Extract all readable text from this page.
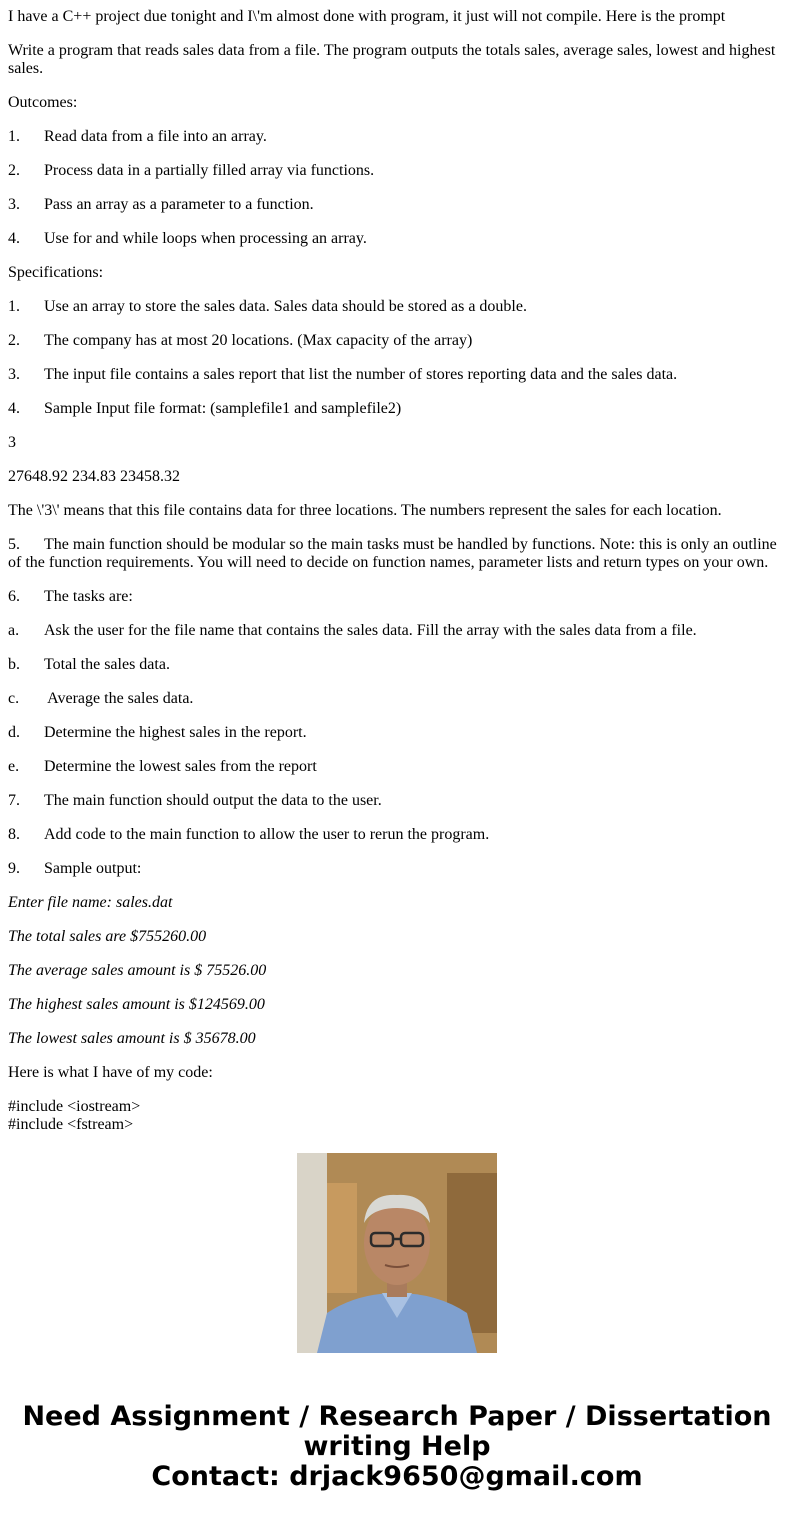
I have a C++ project due tonight and I\'m almost done with program, it just will not compile. Here is the prompt

Write a program that reads sales data from a file. The program outputs the totals sales, average sales, lowest and highest sales.

Outcomes:

1. Read data from a file into an array.

2. Process data in a partially filled array via functions.

3. Pass an array as a parameter to a function.

4. Use for and while loops when processing an array.

Specifications:

1. Use an array to store the sales data. Sales data should be stored as a double.

2. The company has at most 20 locations. (Max capacity of the array)

3. The input file contains a sales report that list the number of stores reporting data and the sales data.

4. Sample Input file format: (samplefile1 and samplefile2)

3

27648.92 234.83 23458.32

The \'3\' means that this file contains data for three locations. The numbers represent the sales for each location.

5. The main function should be modular so the main tasks must be handled by functions. Note: this is only an outline of the function requirements. You will need to decide on function names, parameter lists and return types on your own.

6. The tasks are:

a. Ask the user for the file name that contains the sales data. Fill the array with the sales data from a file.

b. Total the sales data.

c. Average the sales data.

d. Determine the highest sales in the report.

e. Determine the lowest sales from the report

7. The main function should output the data to the user.

8. Add code to the main function to allow the user to rerun the program.

9. Sample output:

Enter file name: sales.dat

The total sales are $755260.00

The average sales amount is $ 75526.00

The highest sales amount is $124569.00

The lowest sales amount is $ 35678.00

Here is what I have of my code:

#include <iostream>

#include <fstream>

Need Assignment / Research Paper / Dissertation
writing Help
Contact: drjack9650@gmail.com
